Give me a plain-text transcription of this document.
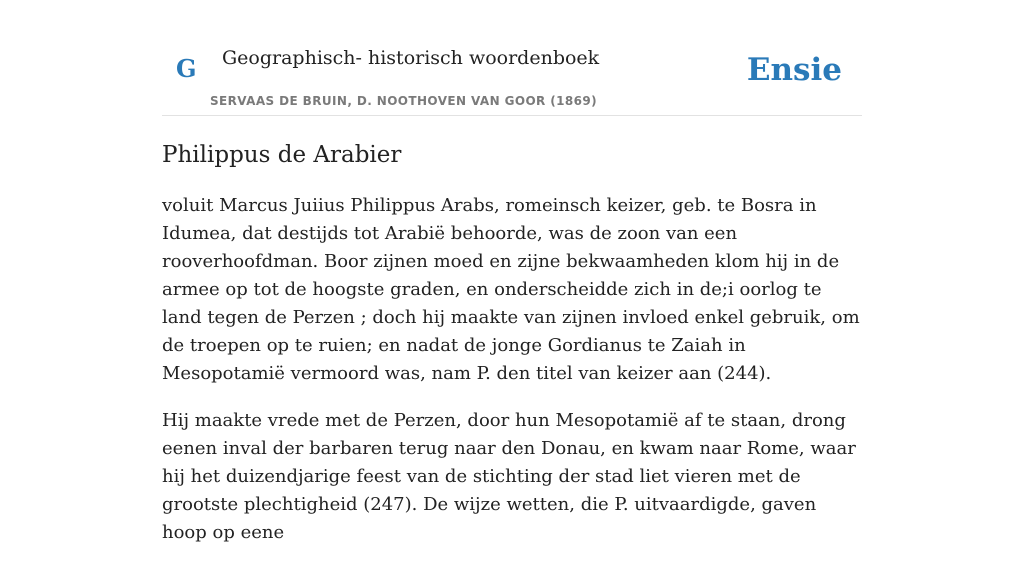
G Geographisch- historisch woordenboek
SERVAAS DE BRUIN, D. NOOTHOVEN VAN GOOR (1869)
Ensie
Philippus de Arabier

voluit Marcus Juiius Philippus Arabs, romeinsch keizer, geb. te Bosra in Idumea, dat destijds tot Arabië behoorde, was de zoon van een rooverhoofdman. Boor zijnen moed en zijne bekwaamheden klom hij in de armee op tot de hoogste graden, en onderscheidde zich in de;i oorlog te land tegen de Perzen ; doch hij maakte van zijnen invloed enkel gebruik, om de troepen op te ruien; en nadat de jonge Gordianus te Zaiah in Mesopotamië vermoord was, nam P. den titel van keizer aan (244).

Hij maakte vrede met de Perzen, door hun Mesopotamië af te staan, drong eenen inval der barbaren terug naar den Donau, en kwam naar Rome, waar hij het duizendjarige feest van de stichting der stad liet vieren met de grootste plechtigheid (247). De wijze wetten, die P. uitvaardigde, gaven hoop op eene
